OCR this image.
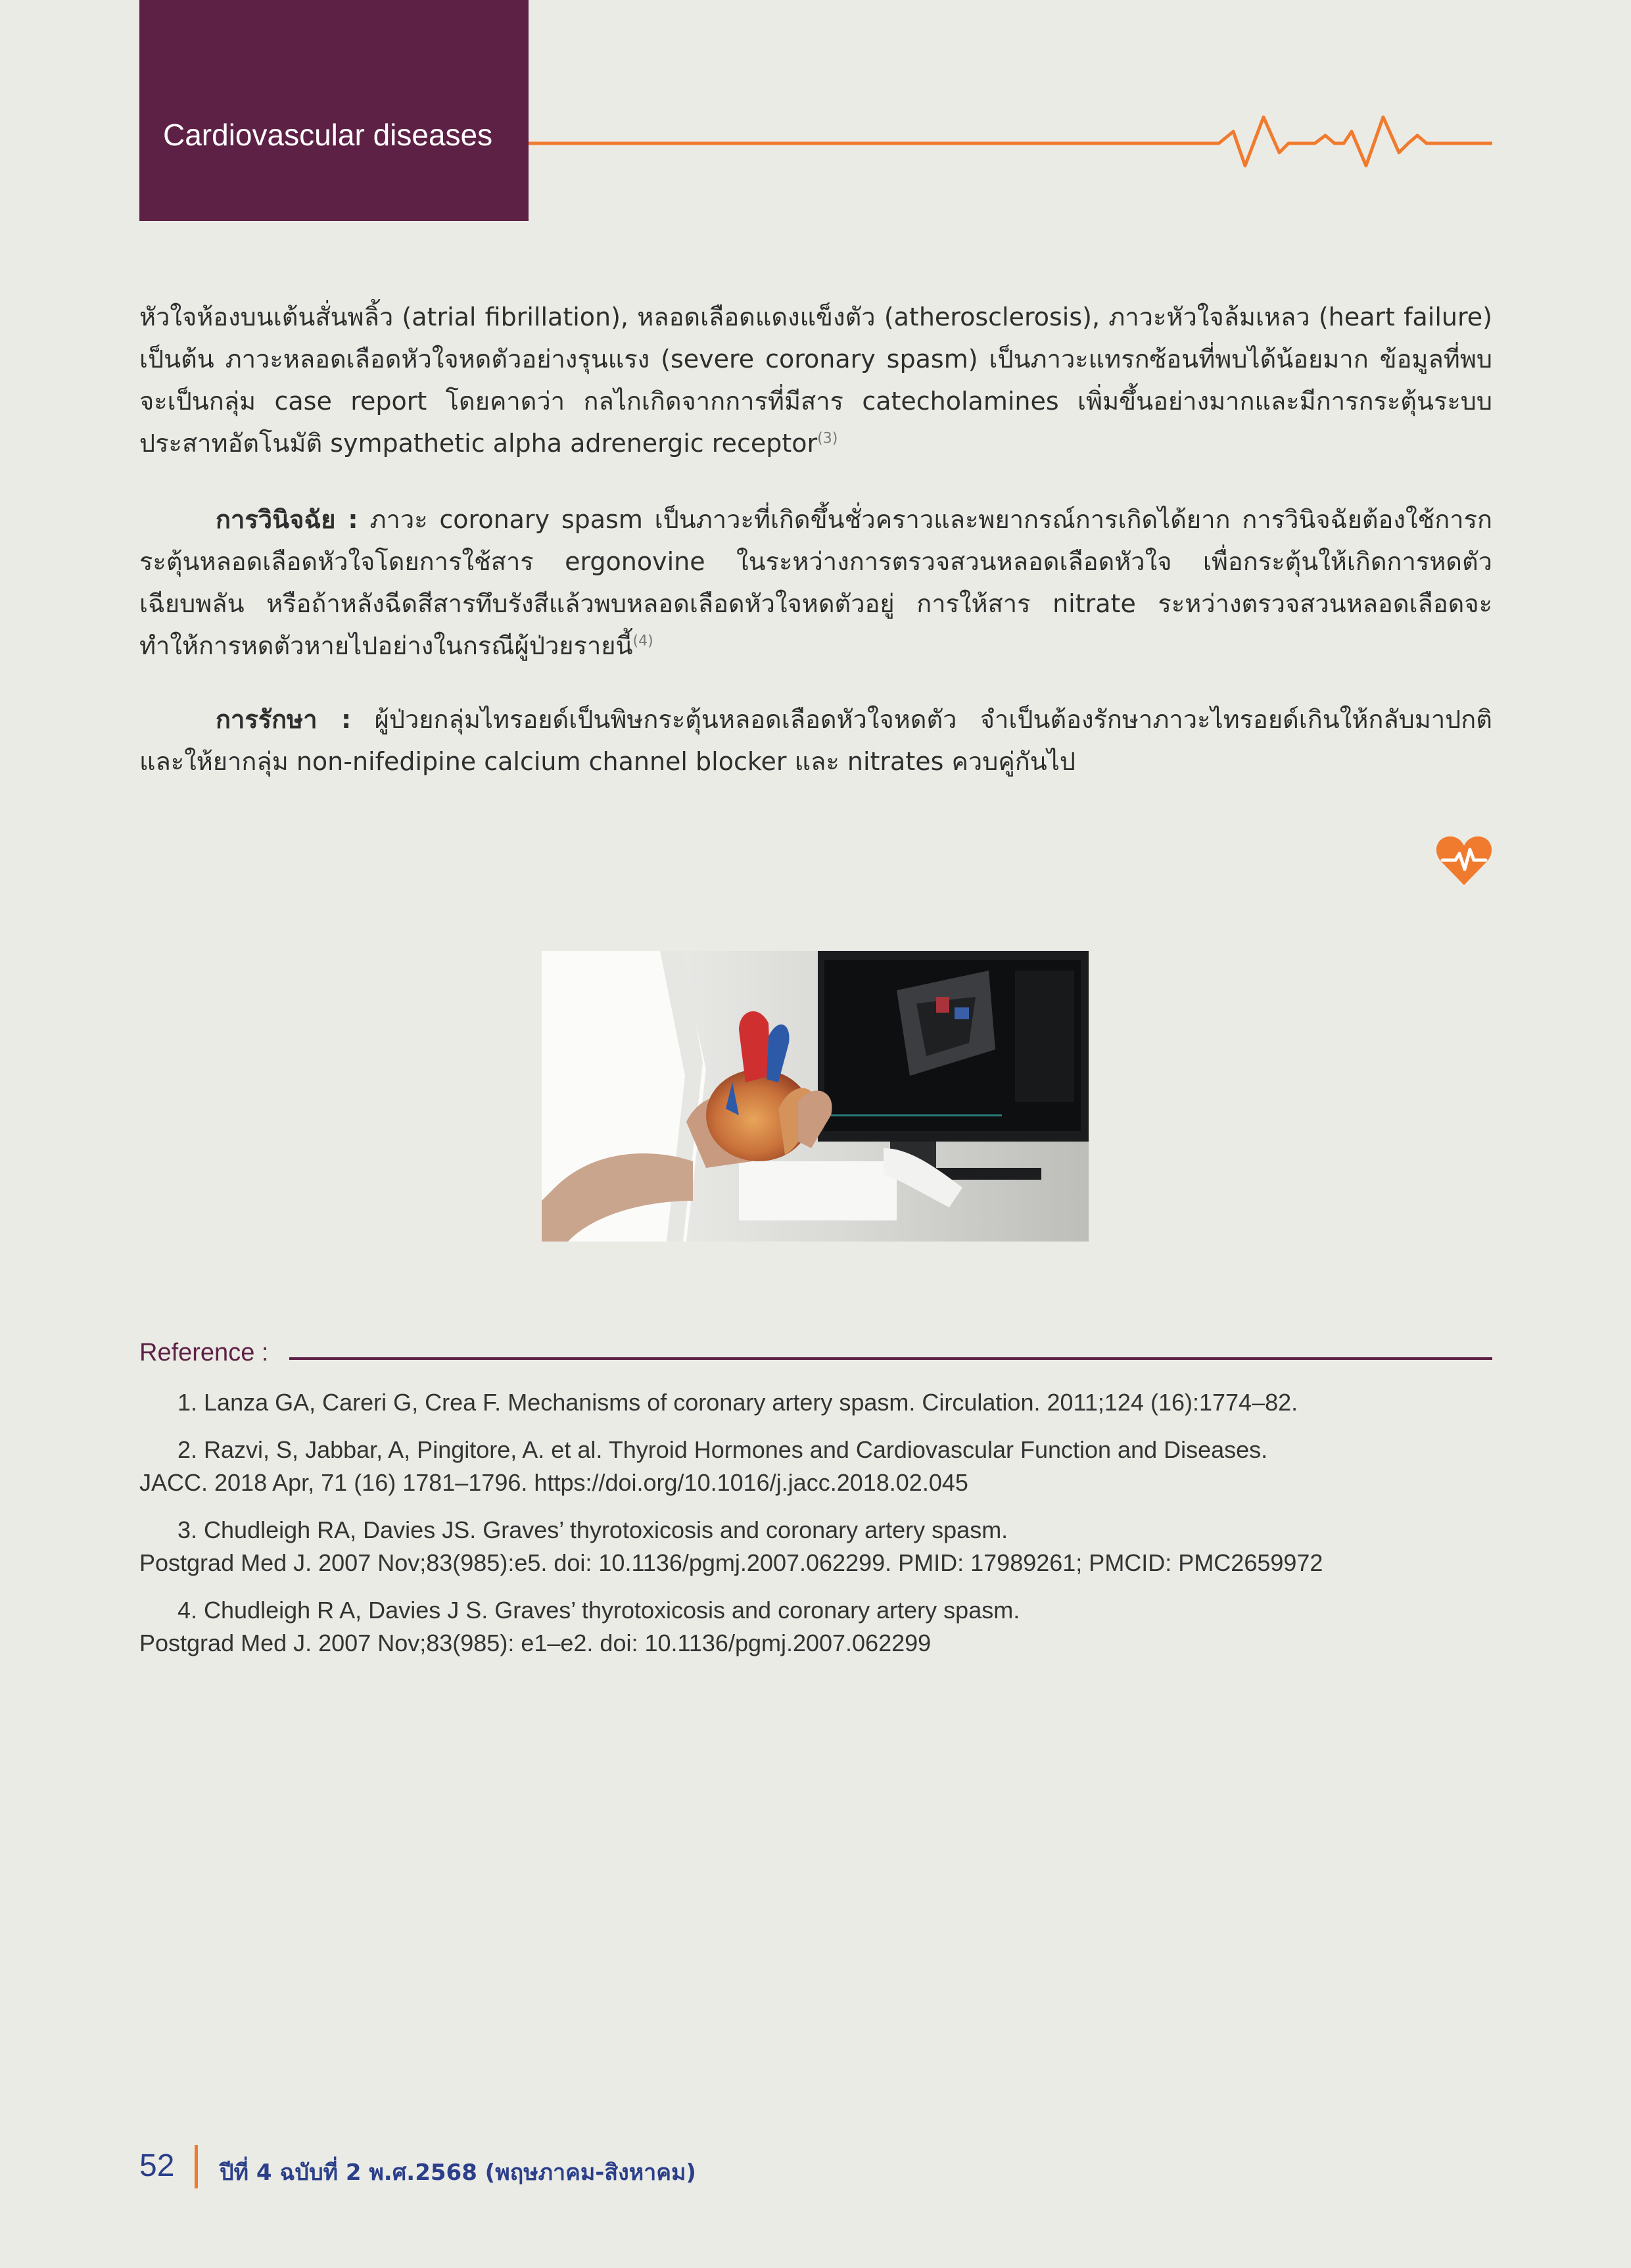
Cardiovascular diseases
หัวใจห้องบนเต้นสั่นพลิ้ว (atrial fibrillation), หลอดเลือดแดงแข็งตัว (atherosclerosis), ภาวะหัวใจล้มเหลว (heart failure) เป็นต้น ภาวะหลอดเลือดหัวใจหดตัวอย่างรุนแรง (severe coronary spasm) เป็นภาวะแทรกซ้อนที่พบได้น้อยมาก ข้อมูลที่พบจะเป็นกลุ่ม case report โดยคาดว่า กลไกเกิดจากการที่มีสาร catecholamines เพิ่มขึ้นอย่างมากและมีการกระตุ้นระบบประสาทอัตโนมัติ sympathetic alpha adrenergic receptor$^{(3)}$
การวินิจฉัย : ภาวะ coronary spasm เป็นภาวะที่เกิดขึ้นชั่วคราวและพยากรณ์การเกิดได้ยาก การวินิจฉัยต้องใช้การกระตุ้นหลอดเลือดหัวใจโดยการใช้สาร ergonovine ในระหว่างการตรวจสวนหลอดเลือดหัวใจ เพื่อกระตุ้นให้เกิดการหดตัวเฉียบพลัน หรือถ้าหลังฉีดสีสารทึบรังสีแล้วพบหลอดเลือดหัวใจหดตัวอยู่ การให้สาร nitrate ระหว่างตรวจสวนหลอดเลือดจะทำให้การหดตัวหายไปอย่างในกรณีผู้ป่วยรายนี้$^{(4)}$
การรักษา : ผู้ป่วยกลุ่มไทรอยด์เป็นพิษกระตุ้นหลอดเลือดหัวใจหดตัว จำเป็นต้องรักษาภาวะไทรอยด์เกินให้กลับมาปกติ และให้ยากลุ่ม non-nifedipine calcium channel blocker และ nitrates ควบคู่กันไป
Reference :
1. Lanza GA, Careri G, Crea F. Mechanisms of coronary artery spasm. Circulation. 2011;124 (16):1774–82.
2. Razvi, S, Jabbar, A, Pingitore, A. et al. Thyroid Hormones and Cardiovascular Function and Diseases.
JACC. 2018 Apr, 71 (16) 1781–1796. https://doi.org/10.1016/j.jacc.2018.02.045
3. Chudleigh RA, Davies JS. Graves’ thyrotoxicosis and coronary artery spasm.
Postgrad Med J. 2007 Nov;83(985):e5. doi: 10.1136/pgmj.2007.062299. PMID: 17989261; PMCID: PMC2659972
4. Chudleigh R A, Davies J S. Graves’ thyrotoxicosis and coronary artery spasm.
Postgrad Med J. 2007 Nov;83(985): e1–e2. doi: 10.1136/pgmj.2007.062299
52 ปีที่ 4 ฉบับที่ 2 พ.ศ.2568 (พฤษภาคม-สิงหาคม)
